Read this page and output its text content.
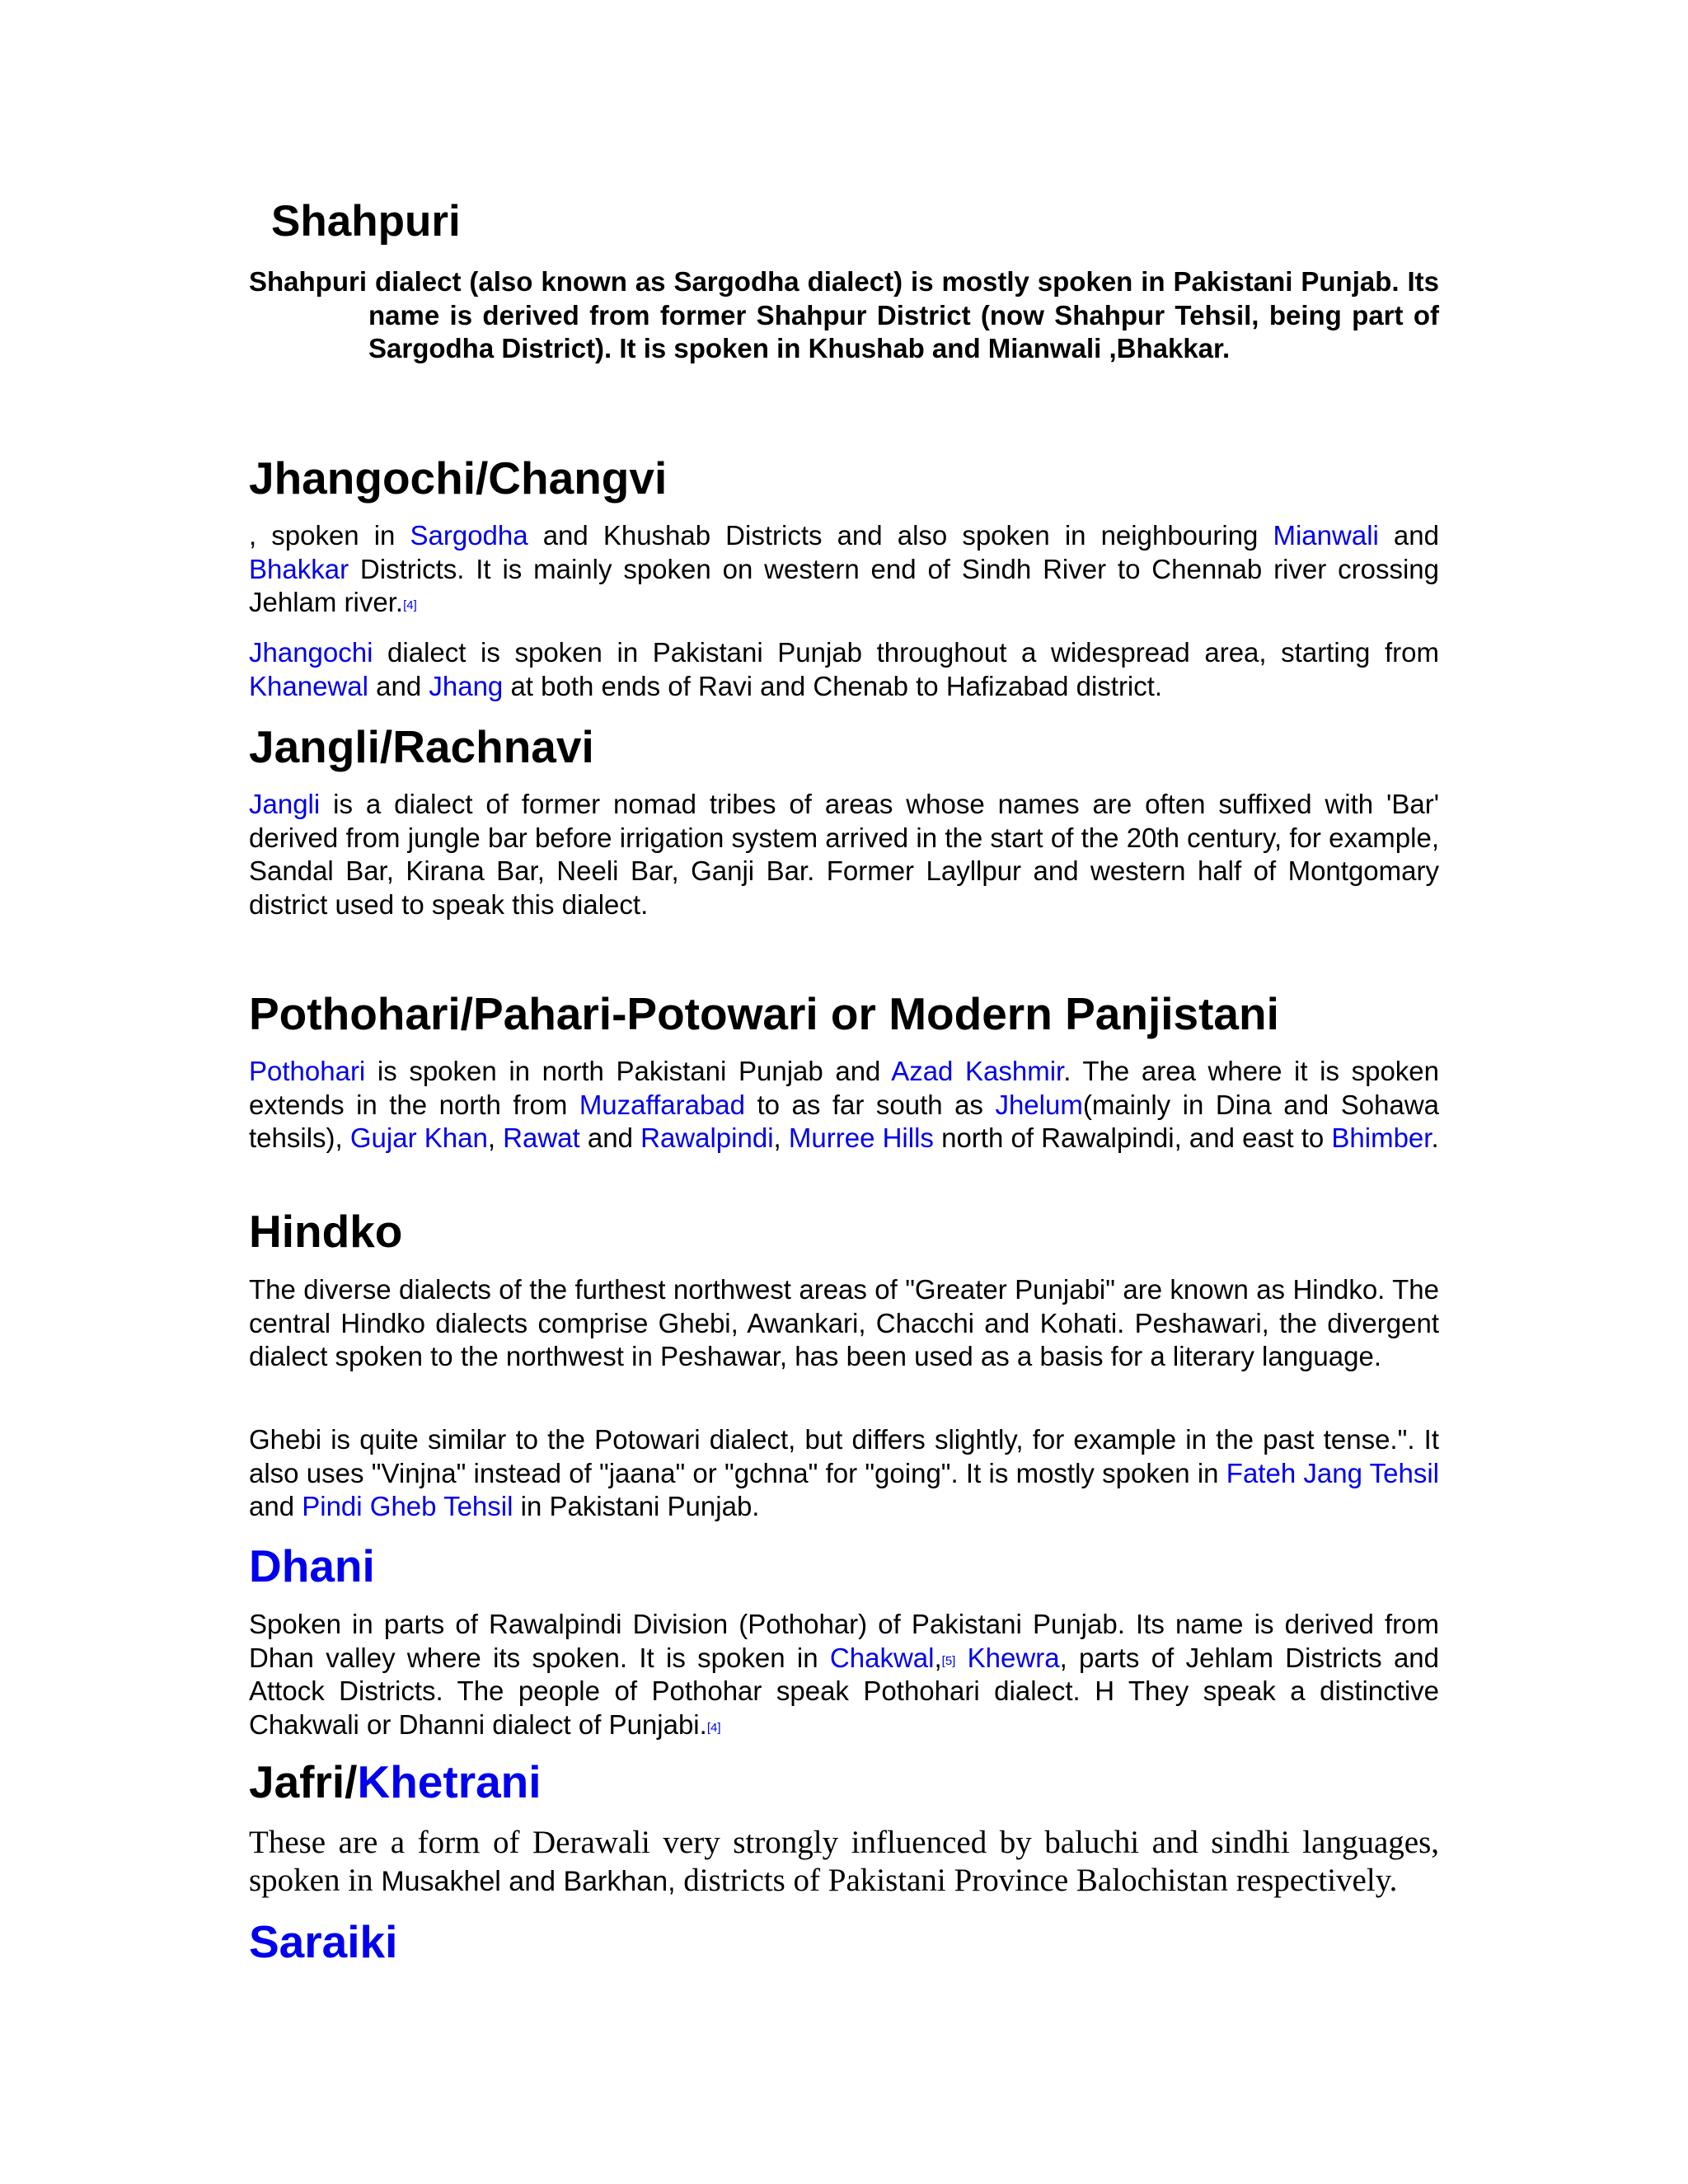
Shahpuri
Shahpuri dialect (also known as Sargodha dialect) is mostly spoken in Pakistani Punjab. Its name is derived from former Shahpur District (now Shahpur Tehsil, being part of Sargodha District). It is spoken in Khushab and Mianwali ,Bhakkar.
Jhangochi/Changvi

, spoken in Sargodha and Khushab Districts and also spoken in neighbouring Mianwali and Bhakkar Districts. It is mainly spoken on western end of Sindh River to Chennab river crossing Jehlam river.[4]

Jhangochi dialect is spoken in Pakistani Punjab throughout a widespread area, starting from Khanewal and Jhang at both ends of Ravi and Chenab to Hafizabad district.

Jangli/Rachnavi

Jangli is a dialect of former nomad tribes of areas whose names are often suffixed with 'Bar' derived from jungle bar before irrigation system arrived in the start of the 20th century, for example, Sandal Bar, Kirana Bar, Neeli Bar, Ganji Bar. Former Layllpur and western half of Montgomary district used to speak this dialect.

Pothohari/Pahari-Potowari or Modern Panjistani

Pothohari is spoken in north Pakistani Punjab and Azad Kashmir. The area where it is spoken extends in the north from Muzaffarabad to as far south as Jhelum(mainly in Dina and Sohawa tehsils), Gujar Khan, Rawat and Rawalpindi, Murree Hills north of Rawalpindi, and east to Bhimber.

Hindko

The diverse dialects of the furthest northwest areas of "Greater Punjabi" are known as Hindko. The central Hindko dialects comprise Ghebi, Awankari, Chacchi and Kohati. Peshawari, the divergent dialect spoken to the northwest in Peshawar, has been used as a basis for a literary language.

Ghebi is quite similar to the Potowari dialect, but differs slightly, for example in the past tense.". It also uses "Vinjna" instead of "jaana" or "gchna" for "going". It is mostly spoken in Fateh Jang Tehsil and Pindi Gheb Tehsil in Pakistani Punjab.

Dhani

Spoken in parts of Rawalpindi Division (Pothohar) of Pakistani Punjab. Its name is derived from Dhan valley where its spoken. It is spoken in Chakwal,[5] Khewra, parts of Jehlam Districts and Attock Districts. The people of Pothohar speak Pothohari dialect. H They speak a distinctive Chakwali or Dhanni dialect of Punjabi.[4]

Jafri/Khetrani

These are a form of Derawali very strongly influenced by baluchi and sindhi languages, spoken in Musakhel and Barkhan, districts of Pakistani Province Balochistan respectively.

Saraiki
